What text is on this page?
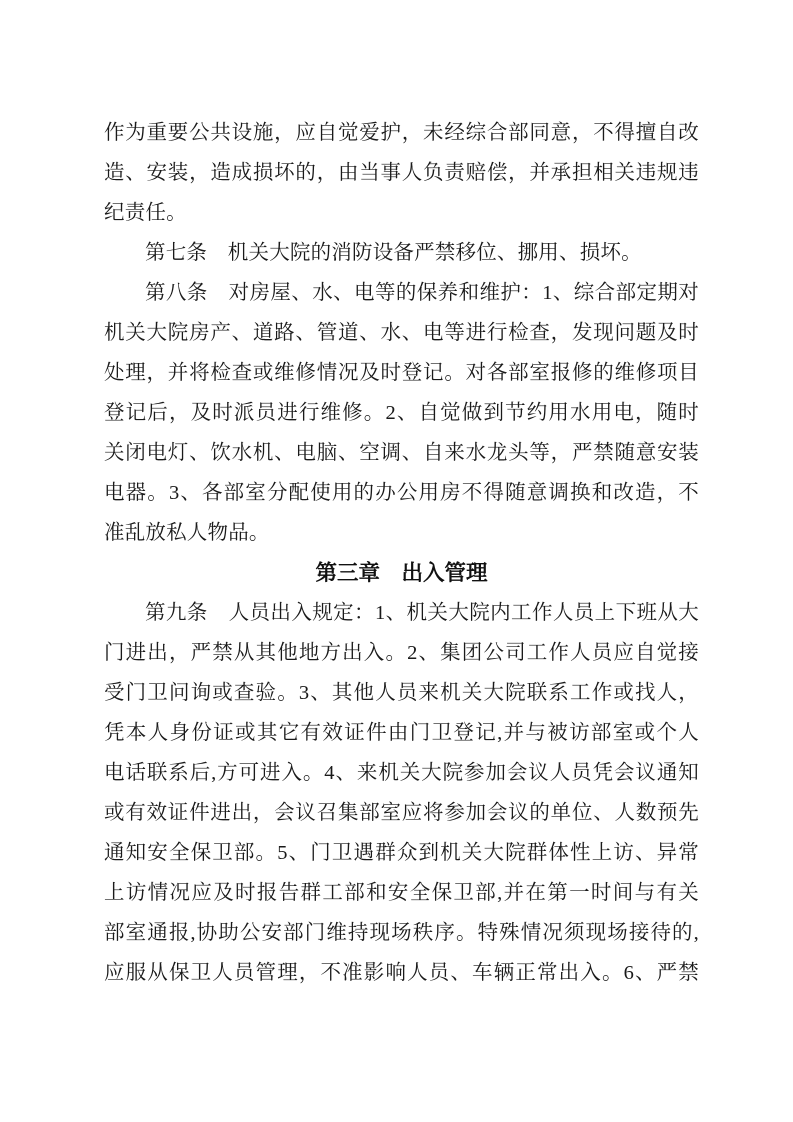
作为重要公共设施，应自觉爱护，未经综合部同意，不得擅自改
造、安装，造成损坏的，由当事人负责赔偿，并承担相关违规违
纪责任。
第七条　机关大院的消防设备严禁移位、挪用、损坏。
第八条　对房屋、水、电等的保养和维护：1、综合部定期对
机关大院房产、道路、管道、水、电等进行检查，发现问题及时
处理，并将检查或维修情况及时登记。对各部室报修的维修项目
登记后，及时派员进行维修。2、自觉做到节约用水用电，随时
关闭电灯、饮水机、电脑、空调、自来水龙头等，严禁随意安装
电器。3、各部室分配使用的办公用房不得随意调换和改造，不
准乱放私人物品。
第三章　出入管理
第九条　人员出入规定：1、机关大院内工作人员上下班从大
门进出，严禁从其他地方出入。2、集团公司工作人员应自觉接
受门卫问询或查验。3、其他人员来机关大院联系工作或找人，
凭本人身份证或其它有效证件由门卫登记,并与被访部室或个人
电话联系后,方可进入。4、来机关大院参加会议人员凭会议通知
或有效证件进出，会议召集部室应将参加会议的单位、人数预先
通知安全保卫部。5、门卫遇群众到机关大院群体性上访、异常
上访情况应及时报告群工部和安全保卫部,并在第一时间与有关
部室通报,协助公安部门维持现场秩序。特殊情况须现场接待的,
应服从保卫人员管理，不准影响人员、车辆正常出入。6、严禁
